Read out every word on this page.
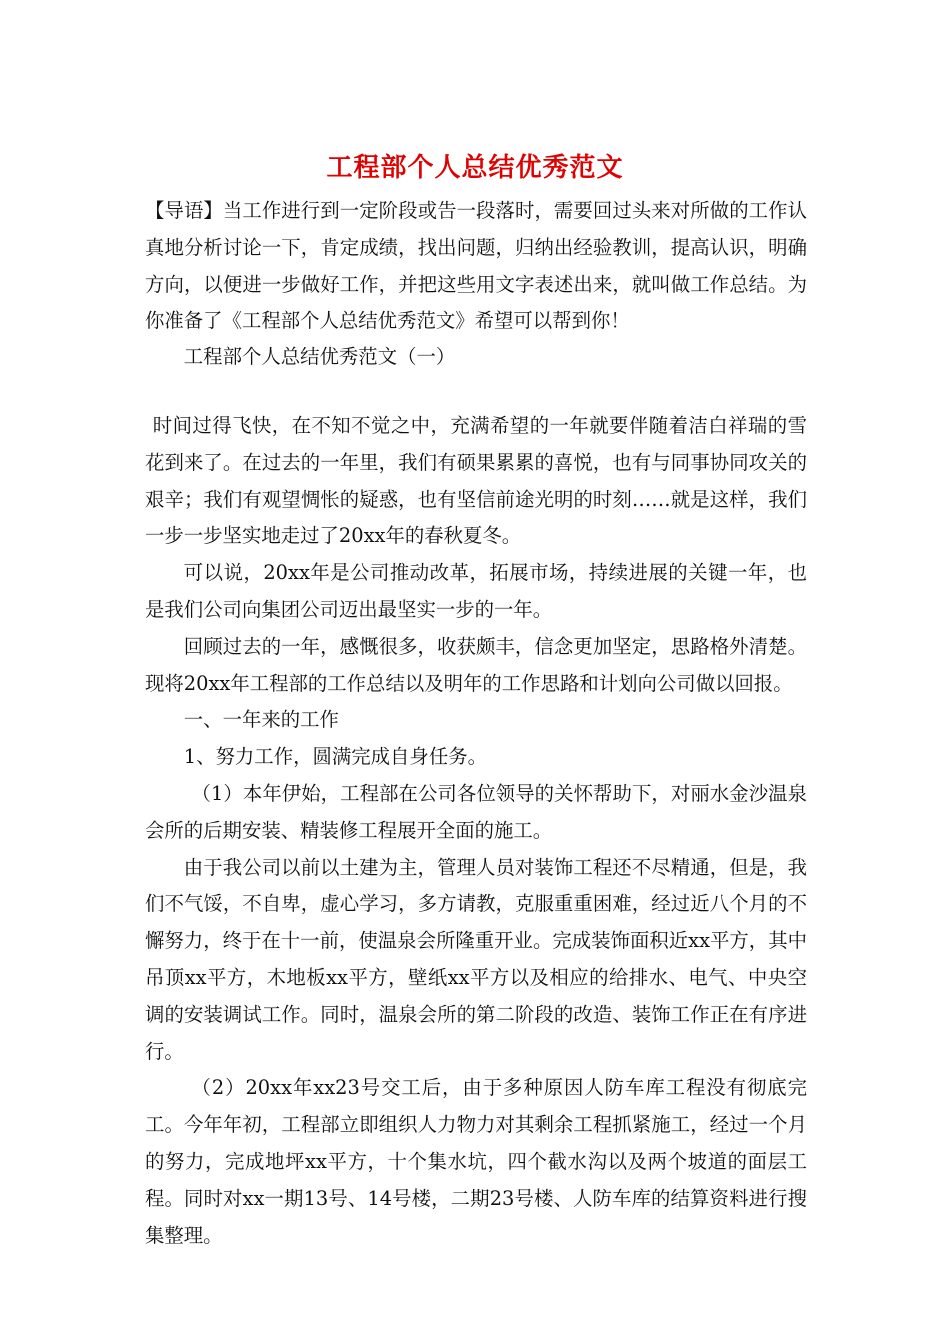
工程部个人总结优秀范文

【导语】当工作进行到一定阶段或告一段落时，需要回过头来对所做的工作认真地分析讨论一下，肯定成绩，找出问题，归纳出经验教训，提高认识，明确方向，以便进一步做好工作，并把这些用文字表述出来，就叫做工作总结。为你准备了《工程部个人总结优秀范文》希望可以帮到你！

工程部个人总结优秀范文（一）

时间过得飞快，在不知不觉之中，充满希望的一年就要伴随着洁白祥瑞的雪花到来了。在过去的一年里，我们有硕果累累的喜悦，也有与同事协同攻关的艰辛；我们有观望惆怅的疑惑，也有坚信前途光明的时刻……就是这样，我们一步一步坚实地走过了20xx年的春秋夏冬。

可以说，20xx年是公司推动改革，拓展市场，持续进展的关键一年，也是我们公司向集团公司迈出最坚实一步的一年。

回顾过去的一年，感慨很多，收获颇丰，信念更加坚定，思路格外清楚。现将20xx年工程部的工作总结以及明年的工作思路和计划向公司做以回报。

一、一年来的工作

1、努力工作，圆满完成自身任务。

（1）本年伊始，工程部在公司各位领导的关怀帮助下，对丽水金沙温泉会所的后期安装、精装修工程展开全面的施工。

由于我公司以前以土建为主，管理人员对装饰工程还不尽精通，但是，我们不气馁，不自卑，虚心学习，多方请教，克服重重困难，经过近八个月的不懈努力，终于在十一前，使温泉会所隆重开业。完成装饰面积近xx平方，其中吊顶xx平方，木地板xx平方，壁纸xx平方以及相应的给排水、电气、中央空调的安装调试工作。同时，温泉会所的第二阶段的改造、装饰工作正在有序进行。

（2）20xx年xx23号交工后，由于多种原因人防车库工程没有彻底完工。今年年初，工程部立即组织人力物力对其剩余工程抓紧施工，经过一个月的努力，完成地坪xx平方，十个集水坑，四个截水沟以及两个坡道的面层工程。同时对xx一期13号、14号楼，二期23号楼、人防车库的结算资料进行搜集整理。
